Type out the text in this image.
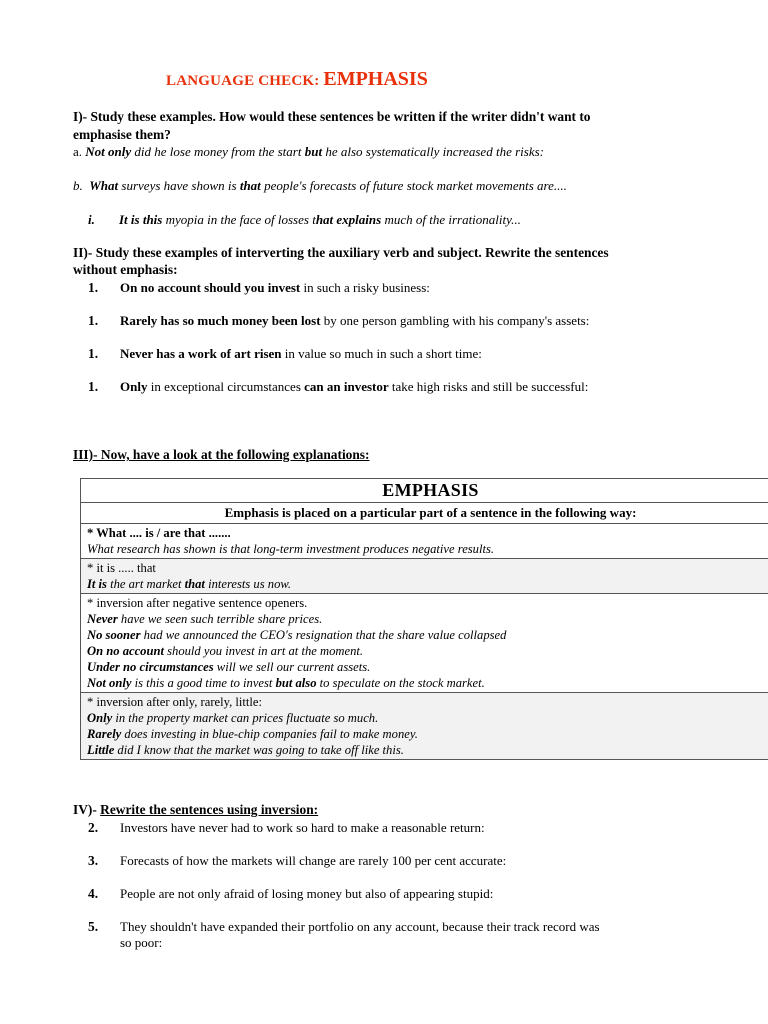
LANGUAGE CHECK: EMPHASIS
I)- Study these examples. How would these sentences be written if the writer didn't want to
emphasise them?
a. Not only did he lose money from the start but he also systematically increased the risks:
b. What surveys have shown is that people's forecasts of future stock market movements are....
i. It is this myopia in the face of losses that explains much of the irrationality...
II)- Study these examples of interverting the auxiliary verb and subject. Rewrite the sentences
without emphasis:
1. On no account should you invest in such a risky business:
1. Rarely has so much money been lost by one person gambling with his company's assets:
1. Never has a work of art risen in value so much in such a short time:
1. Only in exceptional circumstances can an investor take high risks and still be successful:
III)- Now, have a look at the following explanations:
EMPHASIS
Emphasis is placed on a particular part of a sentence in the following way:

* What .... is / are that .......
What research has shown is that long-term investment produces negative results.

* it is ..... that
It is the art market that interests us now.

* inversion after negative sentence openers.
Never have we seen such terrible share prices.
No sooner had we announced the CEO's resignation that the share value collapsed
On no account should you invest in art at the moment.
Under no circumstances will we sell our current assets.
Not only is this a good time to invest but also to speculate on the stock market.

* inversion after only, rarely, little:
Only in the property market can prices fluctuate so much.
Rarely does investing in blue-chip companies fail to make money.
Little did I know that the market was going to take off like this.
IV)- Rewrite the sentences using inversion:
2. Investors have never had to work so hard to make a reasonable return:
3. Forecasts of how the markets will change are rarely 100 per cent accurate:
4. People are not only afraid of losing money but also of appearing stupid:
5. They shouldn't have expanded their portfolio on any account, because their track record was
so poor:
